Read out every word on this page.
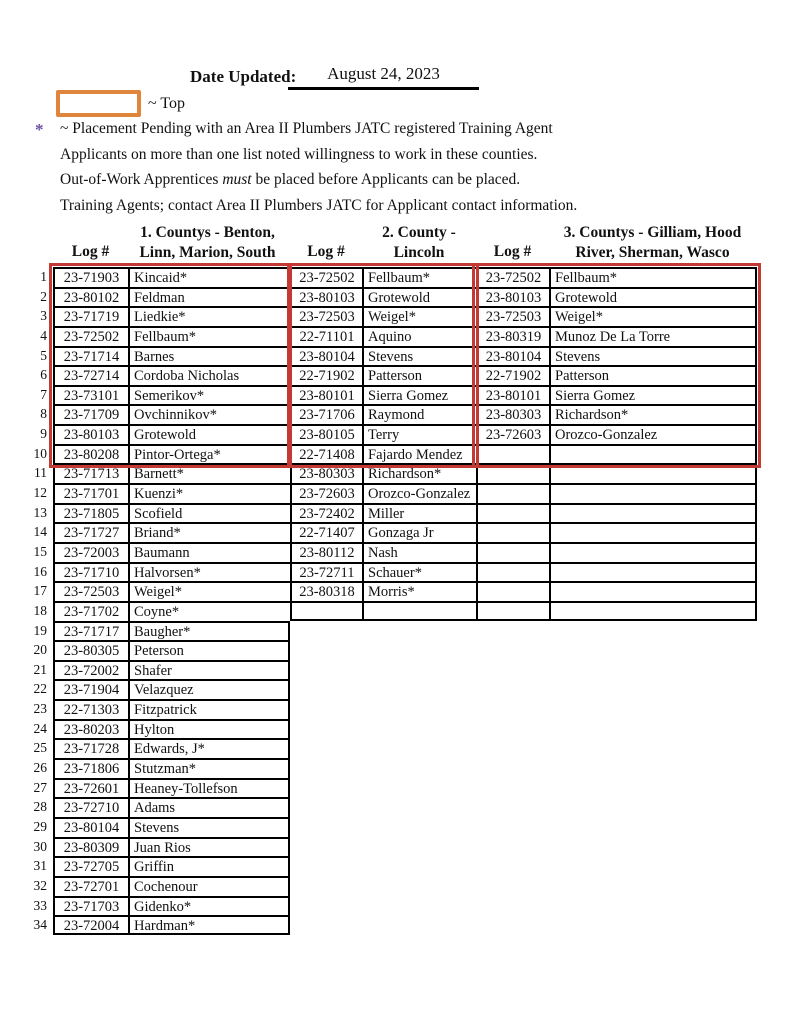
Date Updated:	August 24, 2023
~ Top
* ~ Placement Pending with an Area II Plumbers JATC registered Training Agent
Applicants on more than one list noted willingness to work in these counties.
Out-of-Work Apprentices must be placed before Applicants can be placed.
Training Agents; contact Area II Plumbers JATC for Applicant contact information.
1. Countys - Benton,
Linn, Marion, South
2. County -
Lincoln
3. Countys - Gilliam, Hood
River, Sherman, Wasco
Log #	Log #	Log #
1	23-71903	Kincaid*	23-72502 Fellbaum*	23-72502 Fellbaum*
2	23-80102	Feldman	23-80103 Grotewold	23-80103 Grotewold
3	23-71719	Liedkie*	23-72503 Weigel*	23-72503 Weigel*
4	23-72502	Fellbaum*	22-71101 Aquino	23-80319 Munoz De La Torre
5	23-71714	Barnes	23-80104 Stevens	23-80104 Stevens
6	23-72714	Cordoba Nicholas	22-71902 Patterson	22-71902 Patterson
7	23-73101	Semerikov*	23-80101 Sierra Gomez	23-80101 Sierra Gomez
8	23-71709	Ovchinnikov*	23-71706 Raymond	23-80303 Richardson*
9	23-80103	Grotewold	23-80105 Terry	23-72603 Orozco-Gonzalez
10	23-80208	Pintor-Ortega*	22-71408 Fajardo Mendez
11	23-71713	Barnett*	23-80303 Richardson*
12	23-71701	Kuenzi*	23-72603 Orozco-Gonzalez
13	23-71805	Scofield	23-72402 Miller
14	23-71727	Briand*	22-71407 Gonzaga Jr
15	23-72003	Baumann	23-80112 Nash
16	23-71710	Halvorsen*	23-72711 Schauer*
17	23-72503	Weigel*	23-80318 Morris*
18	23-71702	Coyne*
19	23-71717	Baugher*
20	23-80305	Peterson
21	23-72002	Shafer
22	23-71904	Velazquez
23	22-71303	Fitzpatrick
24	23-80203	Hylton
25	23-71728	Edwards, J*
26	23-71806	Stutzman*
27	23-72601	Heaney-Tollefson
28	23-72710	Adams
29	23-80104	Stevens
30	23-80309	Juan Rios
31	23-72705	Griffin
32	23-72701	Cochenour
33	23-71703	Gidenko*
34	23-72004	Hardman*
